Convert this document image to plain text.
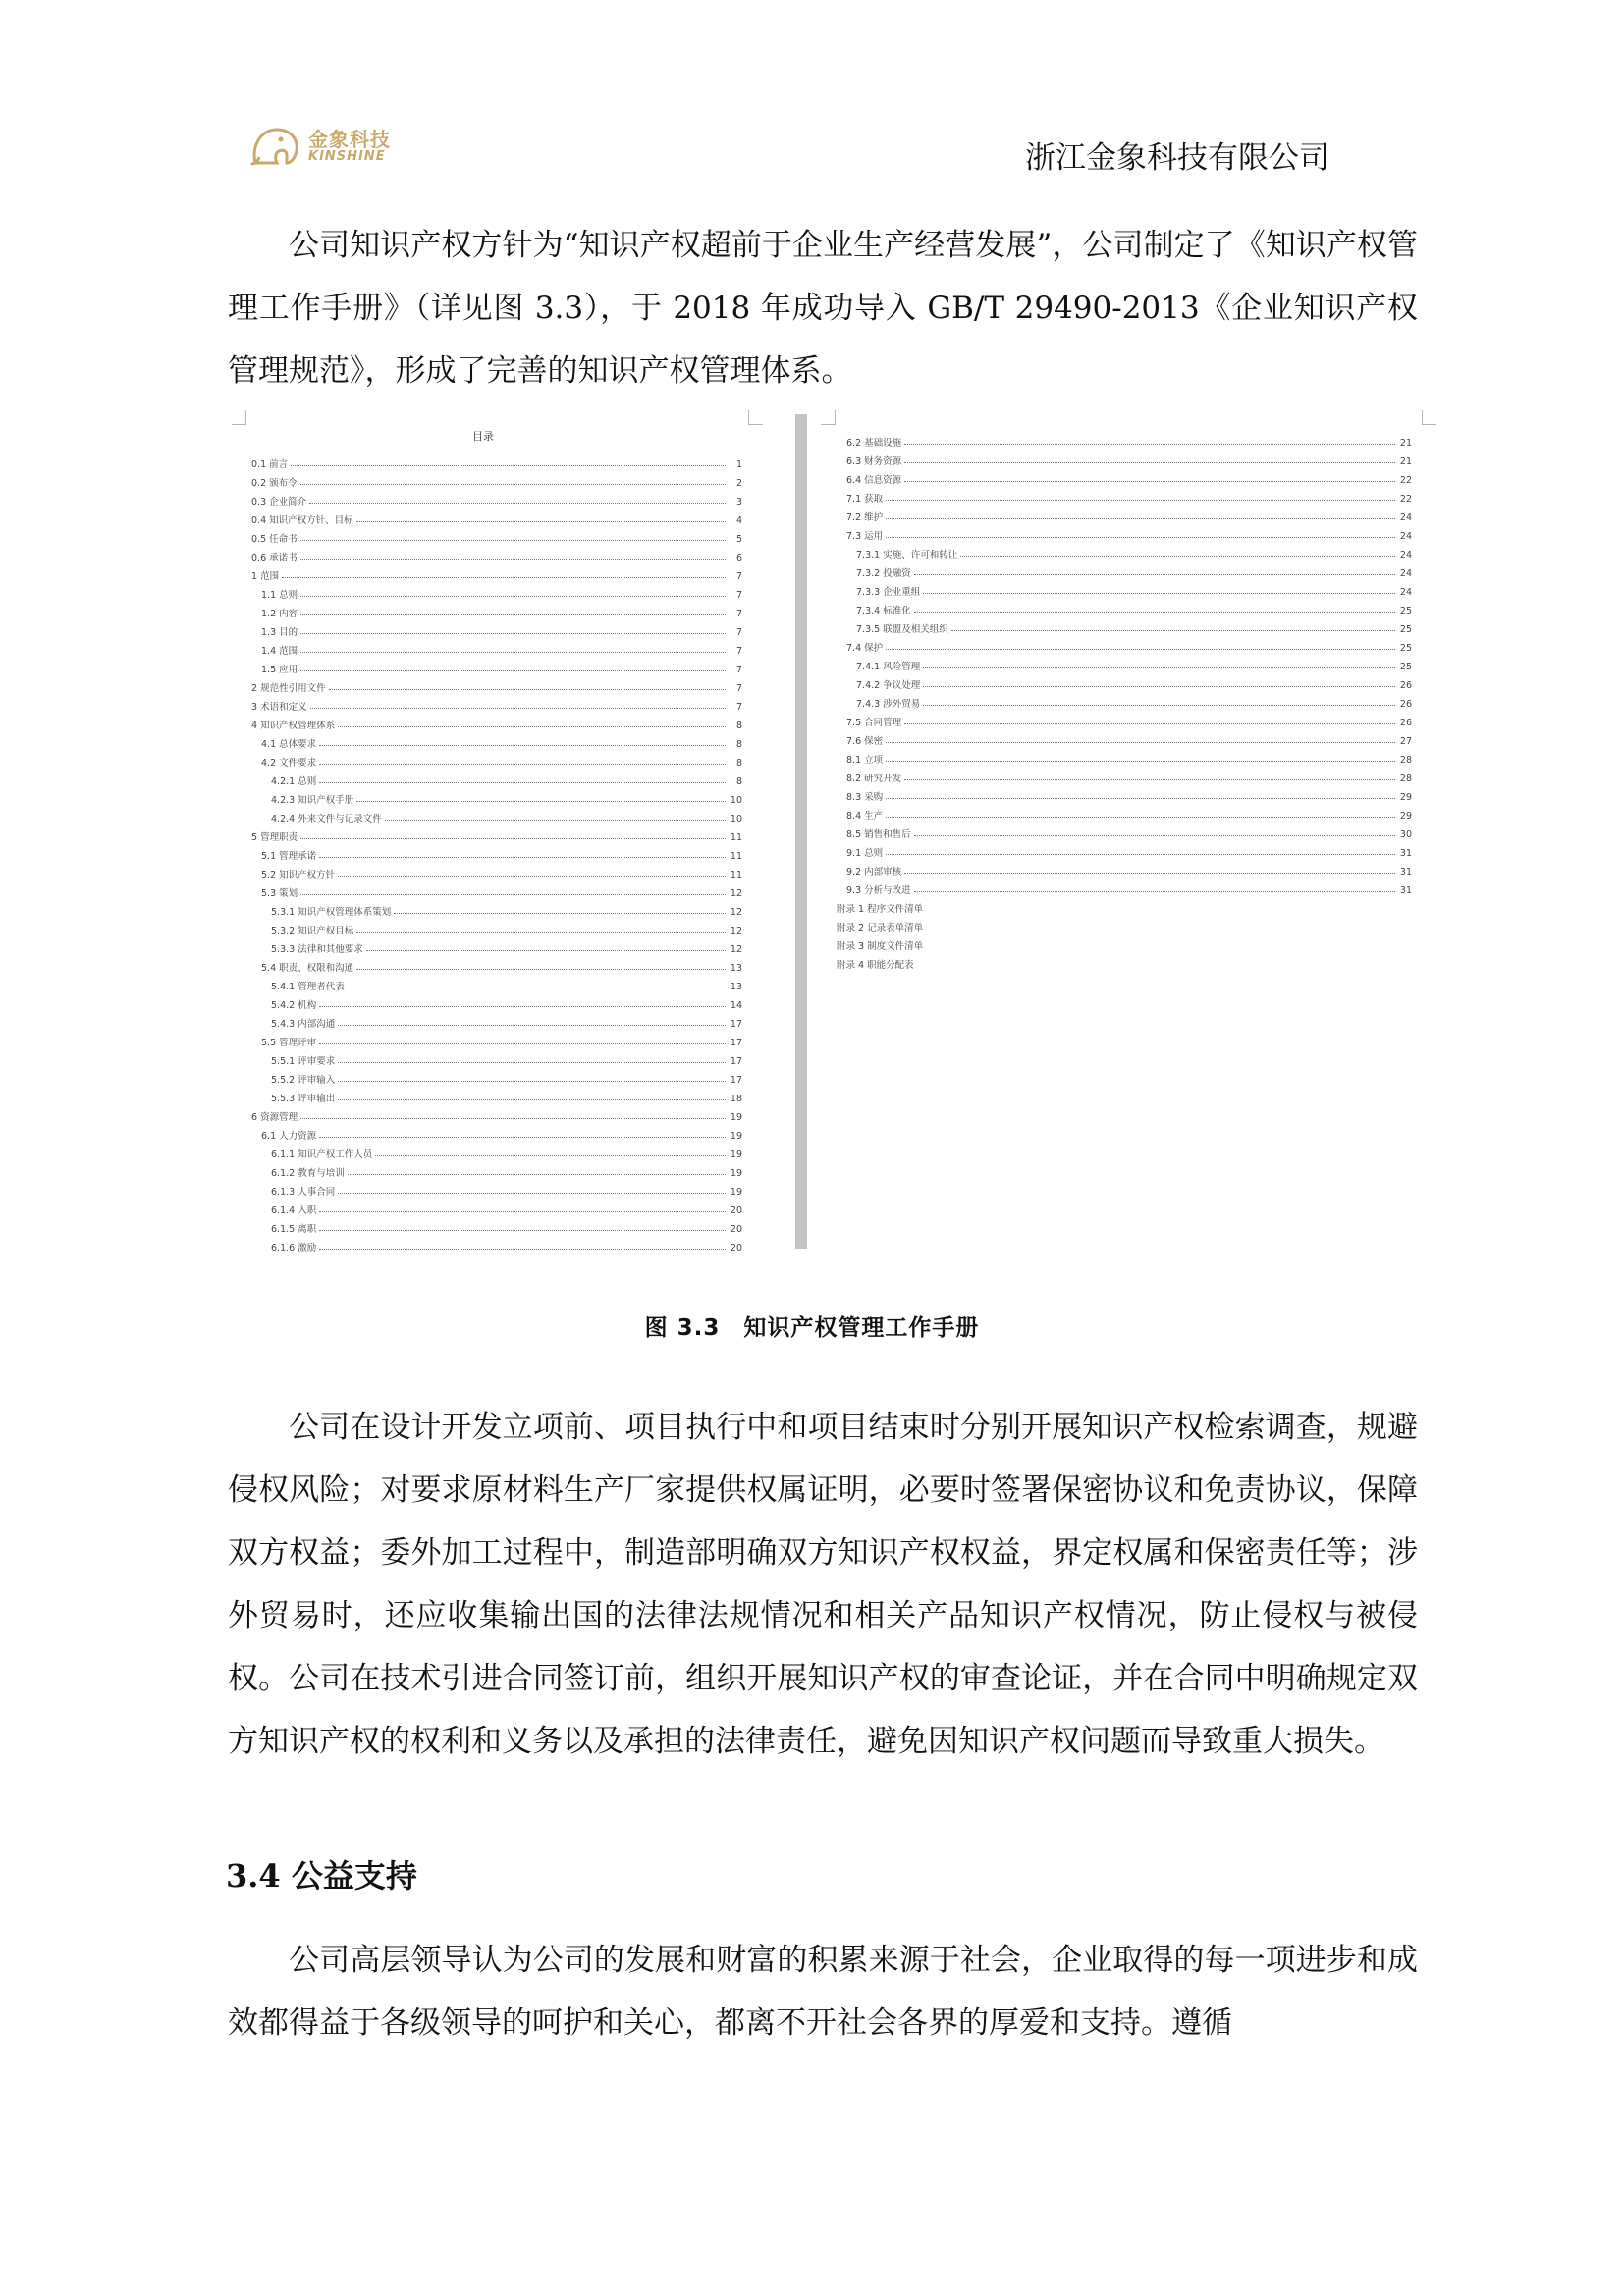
金象科技
KINSHINE	浙江金象科技有限公司

公司知识产权方针为“知识产权超前于企业生产经营发展”，公司制定了《知识产权管理工作手册》（详见图 3.3），于 2018 年成功导入 GB/T 29490-2013《企业知识产权管理规范》，形成了完善的知识产权管理体系。

目录
0.1 前言	1
0.2 颁布令	2
0.3 企业简介	3
0.4 知识产权方针、目标	4
0.5 任命书	5
0.6 承诺书	6
1 范围	7
1.1 总则	7
1.2 内容	7
1.3 目的	7
1.4 范围	7
1.5 应用	7
2 规范性引用文件	7
3 术语和定义	7
4 知识产权管理体系	8
4.1 总体要求	8
4.2 文件要求	8
4.2.1 总则	8
4.2.3 知识产权手册	10
4.2.4 外来文件与记录文件	10
5 管理职责	11
5.1 管理承诺	11
5.2 知识产权方针	11
5.3 策划	12
5.3.1 知识产权管理体系策划	12
5.3.2 知识产权目标	12
5.3.3 法律和其他要求	12
5.4 职责、权限和沟通	13
5.4.1 管理者代表	13
5.4.2 机构	14
5.4.3 内部沟通	17
5.5 管理评审	17
5.5.1 评审要求	17
5.5.2 评审输入	17
5.5.3 评审输出	18
6 资源管理	19
6.1 人力资源	19
6.1.1 知识产权工作人员	19
6.1.2 教育与培训	19
6.1.3 人事合同	19
6.1.4 入职	20
6.1.5 离职	20
6.1.6 激励	20
6.2 基础设施	21
6.3 财务资源	21
6.4 信息资源	22
7.1 获取	22
7.2 维护	24
7.3 运用	24
7.3.1 实施、许可和转让	24
7.3.2 投融资	24
7.3.3 企业重组	24
7.3.4 标准化	25
7.3.5 联盟及相关组织	25
7.4 保护	25
7.4.1 风险管理	25
7.4.2 争议处理	26
7.4.3 涉外贸易	26
7.5 合同管理	26
7.6 保密	27
8.1 立项	28
8.2 研究开发	28
8.3 采购	29
8.4 生产	29
8.5 销售和售后	30
9.1 总则	31
9.2 内部审核	31
9.3 分析与改进	31
附录 1 程序文件清单
附录 2 记录表单清单
附录 3 制度文件清单
附录 4 职能分配表
图 3.3　知识产权管理工作手册

公司在设计开发立项前、项目执行中和项目结束时分别开展知识产权检索调查，规避侵权风险；对要求原材料生产厂家提供权属证明，必要时签署保密协议和免责协议，保障双方权益；委外加工过程中，制造部明确双方知识产权权益，界定权属和保密责任等；涉外贸易时，还应收集输出国的法律法规情况和相关产品知识产权情况，防止侵权与被侵权。公司在技术引进合同签订前，组织开展知识产权的审查论证，并在合同中明确规定双方知识产权的权利和义务以及承担的法律责任，避免因知识产权问题而导致重大损失。

3.4 公益支持

公司高层领导认为公司的发展和财富的积累来源于社会，企业取得的每一项进步和成效都得益于各级领导的呵护和关心，都离不开社会各界的厚爱和支持。遵循
